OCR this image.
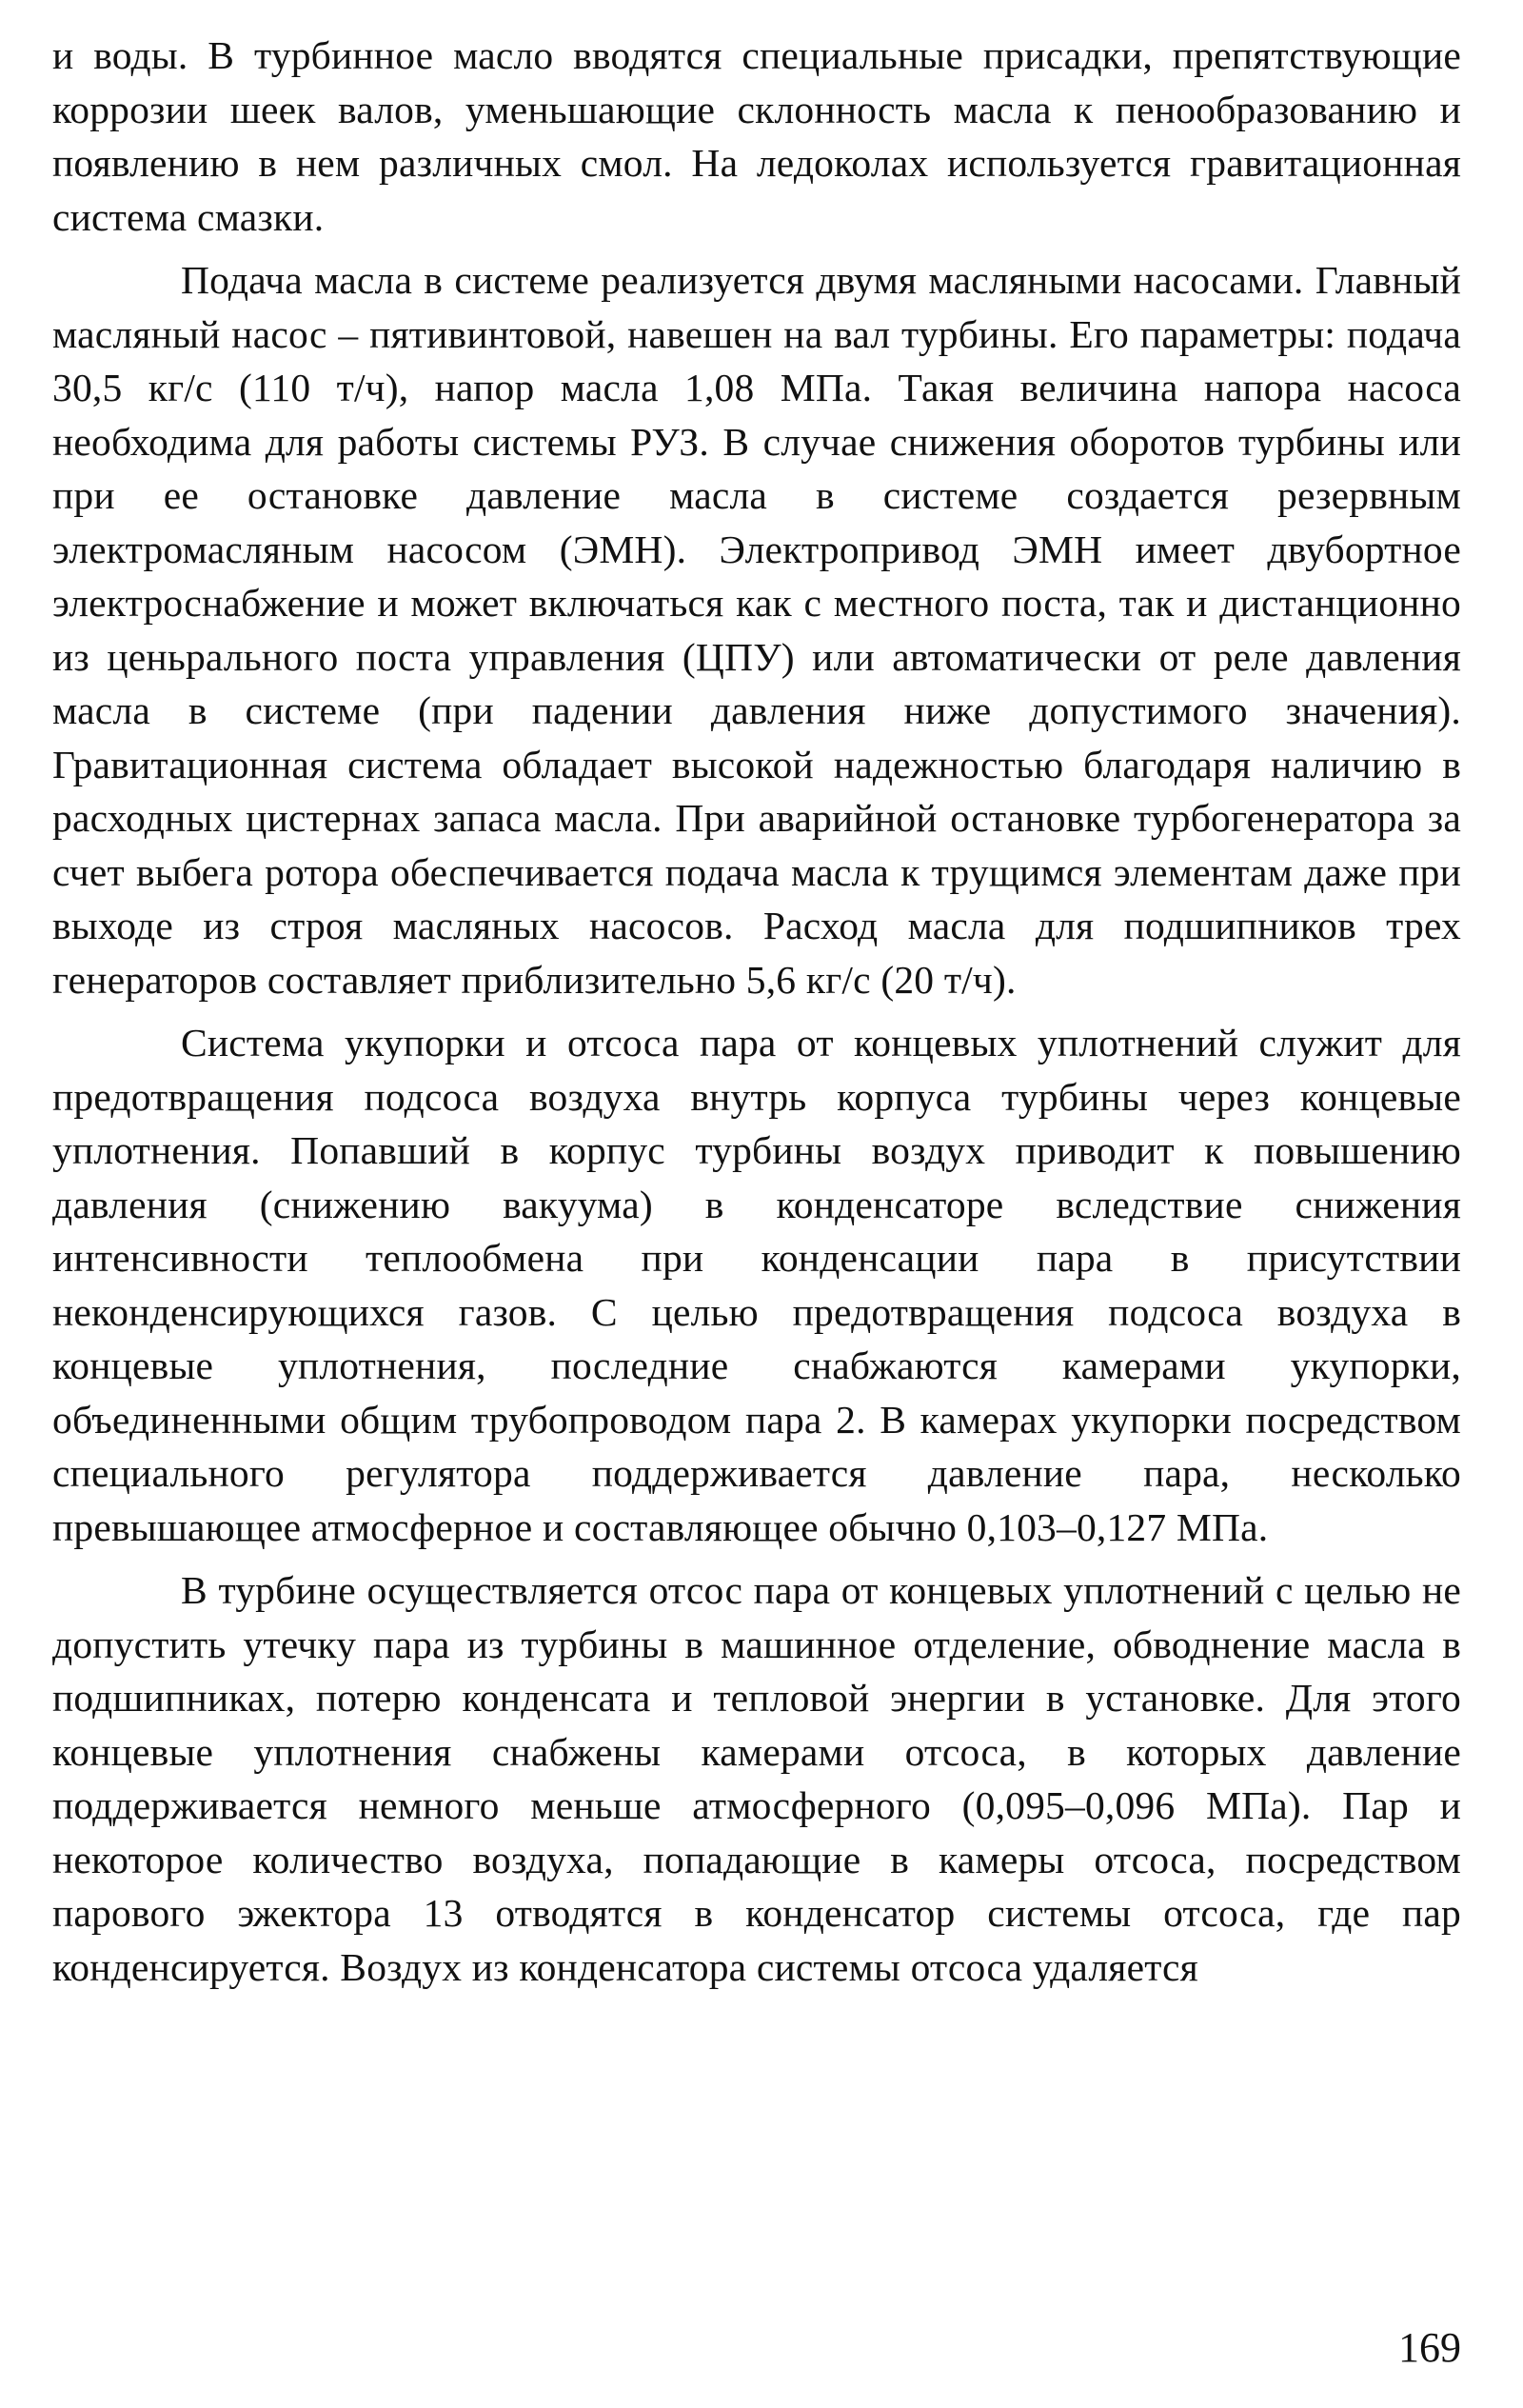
и воды. В турбинное масло вводятся специальные присадки, препятствующие коррозии шеек валов, уменьшающие склонность масла к пенообразованию и появлению в нем различных смол. На ледоколах используется гравитационная система смазки.

Подача масла в системе реализуется двумя масляными насосами. Главный масляный насос – пятивинтовой, навешен на вал турбины. Его параметры: подача 30,5 кг/с (110 т/ч), напор масла 1,08 МПа. Такая величина напора насоса необходима для работы системы РУЗ. В случае снижения оборотов турбины или при ее остановке давление масла в системе создается резервным электромасляным насосом (ЭМН). Электропривод ЭМН имеет двубортное электроснабжение и может включаться как с местного поста, так и дистанционно из ценьрального поста управления (ЦПУ) или автоматически от реле давления масла в системе (при падении давления ниже допустимого значения). Гравитационная система обладает высокой надежностью благодаря наличию в расходных цистернах запаса масла. При аварийной остановке турбогенератора за счет выбега ротора обеспечивается подача масла к трущимся элементам даже при выходе из строя масляных насосов. Расход масла для подшипников трех генераторов составляет приблизительно 5,6 кг/с (20 т/ч).

Система укупорки и отсоса пара от концевых уплотнений служит для предотвращения подсоса воздуха внутрь корпуса турбины через концевые уплотнения. Попавший в корпус турбины воздух приводит к повышению давления (снижению вакуума) в конденсаторе вследствие снижения интенсивности теплообмена при конденсации пара в присутствии неконденсирующихся газов. С целью предотвращения подсоса воздуха в концевые уплотнения, последние снабжаются камерами укупорки, объединенными общим трубопроводом пара 2. В камерах укупорки посредством специального регулятора поддерживается давление пара, несколько превышающее атмосферное и составляющее обычно 0,103–0,127 МПа.

В турбине осуществляется отсос пара от концевых уплотнений с целью не допустить утечку пара из турбины в машинное отделение, обводнение масла в подшипниках, потерю конденсата и тепловой энергии в установке. Для этого концевые уплотнения снабжены камерами отсоса, в которых давление поддерживается немного меньше атмосферного (0,095–0,096 МПа). Пар и некоторое количество воздуха, попадающие в камеры отсоса, посредством парового эжектора 13 отводятся в конденсатор системы отсоса, где пар конденсируется. Воздух из конденсатора системы отсоса удаляется

169
